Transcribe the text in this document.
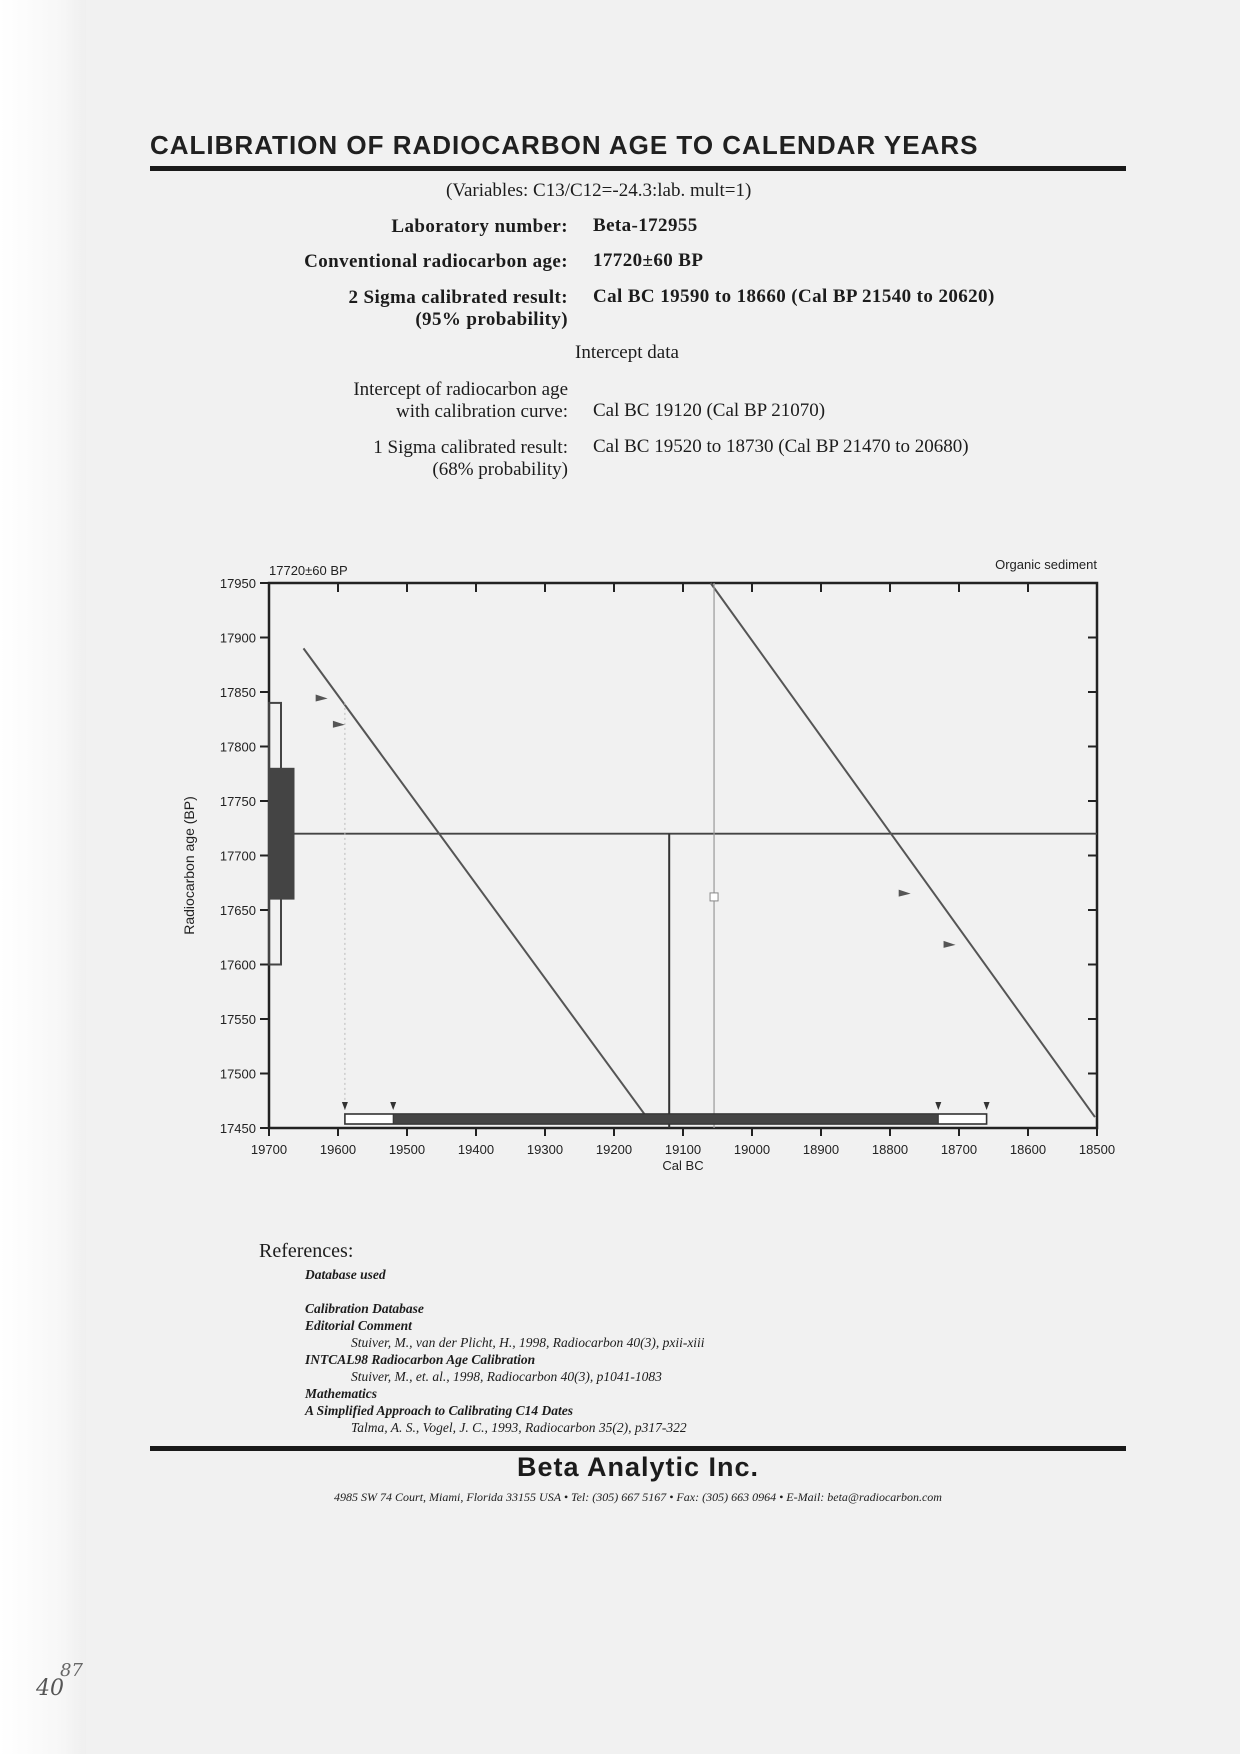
CALIBRATION OF RADIOCARBON AGE TO CALENDAR YEARS
(Variables: C13/C12=-24.3:lab. mult=1)
Laboratory number: Beta-172955
Conventional radiocarbon age: 17720±60 BP
2 Sigma calibrated result:
(95% probability)
Cal BC 19590 to 18660 (Cal BP 21540 to 20620)
Intercept data
Intercept of radiocarbon age
with calibration curve: Cal BC 19120 (Cal BP 21070)
1 Sigma calibrated result:
(68% probability)
Cal BC 19520 to 18730 (Cal BP 21470 to 20680)
17720±60 BP	Organic sediment
17950
17900
17850
17800
17750
17700
17650
17600
17550
17500
17450
19700	19600	19500	19400	19300	19200	19100	19000	18900	18800	18700	18600	18500
Cal BC
Radiocarbon age (BP)
References:
Database used
Calibration Database
Editorial Comment
Stuiver, M., van der Plicht, H., 1998, Radiocarbon 40(3), pxii-xiii
INTCAL98 Radiocarbon Age Calibration
Stuiver, M., et. al., 1998, Radiocarbon 40(3), p1041-1083
Mathematics
A Simplified Approach to Calibrating C14 Dates
Talma, A. S., Vogel, J. C., 1993, Radiocarbon 35(2), p317-322
Beta Analytic Inc.
4985 SW 74 Court, Miami, Florida 33155 USA • Tel: (305) 667 5167 • Fax: (305) 663 0964 • E-Mail: beta@radiocarbon.com
40
87
